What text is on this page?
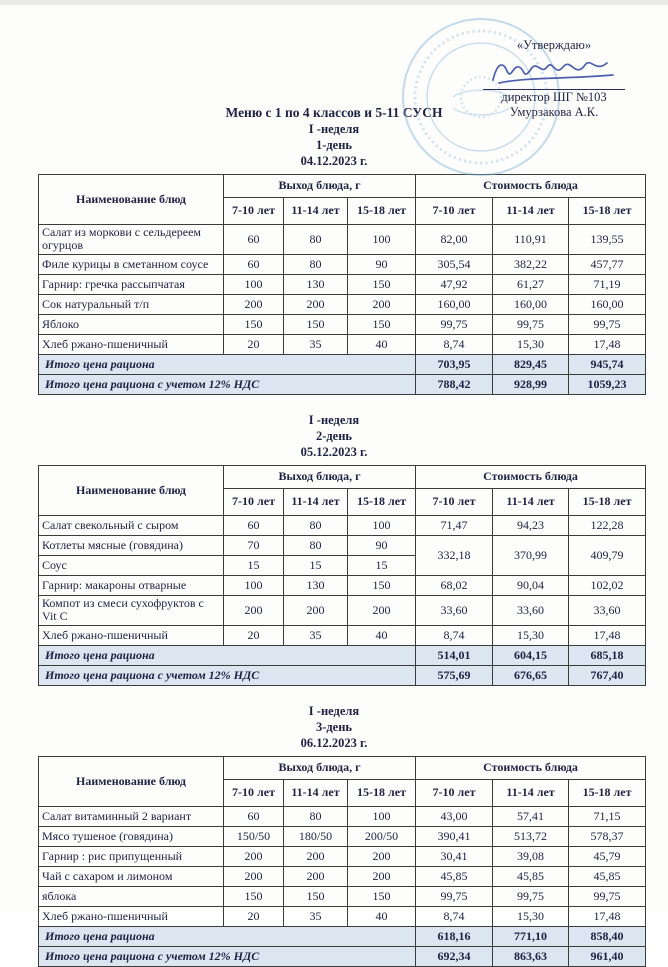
«Утверждаю»
директор ШГ №103
Умурзакова А.К.
Меню с 1 по 4 классов и 5-11 СУСН
I -неделя
1-день
04.12.2023 г.
Наименование блюд	Выход блюда, г			Стоимость блюда		
	7-10 лет	11-14 лет	15-18 лет	7-10 лет	11-14 лет	15-18 лет
Салат из моркови с сельдереем огурцов	60	80	100	82,00	110,91	139,55
Филе курицы в сметанном соусе	60	80	90	305,54	382,22	457,77
Гарнир: гречка рассыпчатая	100	130	150	47,92	61,27	71,19
Сок натуральный т/п	200	200	200	160,00	160,00	160,00
Яблоко	150	150	150	99,75	99,75	99,75
Хлеб ржано-пшеничный	20	35	40	8,74	15,30	17,48
Итого цена рациона				703,95	829,45	945,74
Итого цена рациона с учетом 12% НДС				788,42	928,99	1059,23
I -неделя
2-день
05.12.2023 г.
Наименование блюд	Выход блюда, г			Стоимость блюда		
	7-10 лет	11-14 лет	15-18 лет	7-10 лет	11-14 лет	15-18 лет
Салат свекольный с сыром	60	80	100	71,47	94,23	122,28
Котлеты мясные (говядина)	70	80	90	332,18	370,99	409,79
Соус	15	15	15			
Гарнир: макароны отварные	100	130	150	68,02	90,04	102,02
Компот из смеси сухофруктов с Vit C	200	200	200	33,60	33,60	33,60
Хлеб ржано-пшеничный	20	35	40	8,74	15,30	17,48
Итого цена рациона				514,01	604,15	685,18
Итого цена рациона с учетом 12% НДС				575,69	676,65	767,40
I -неделя
3-день
06.12.2023 г.
Наименование блюд	Выход блюда, г			Стоимость блюда		
	7-10 лет	11-14 лет	15-18 лет	7-10 лет	11-14 лет	15-18 лет
Салат витаминный 2 вариант	60	80	100	43,00	57,41	71,15
Мясо тушеное (говядина)	150/50	180/50	200/50	390,41	513,72	578,37
Гарнир : рис припущенный	200	200	200	30,41	39,08	45,79
Чай с сахаром и лимоном	200	200	200	45,85	45,85	45,85
яблока	150	150	150	99,75	99,75	99,75
Хлеб ржано-пшеничный	20	35	40	8,74	15,30	17,48
Итого цена рациона				618,16	771,10	858,40
Итого цена рациона с учетом 12% НДС				692,34	863,63	961,40
